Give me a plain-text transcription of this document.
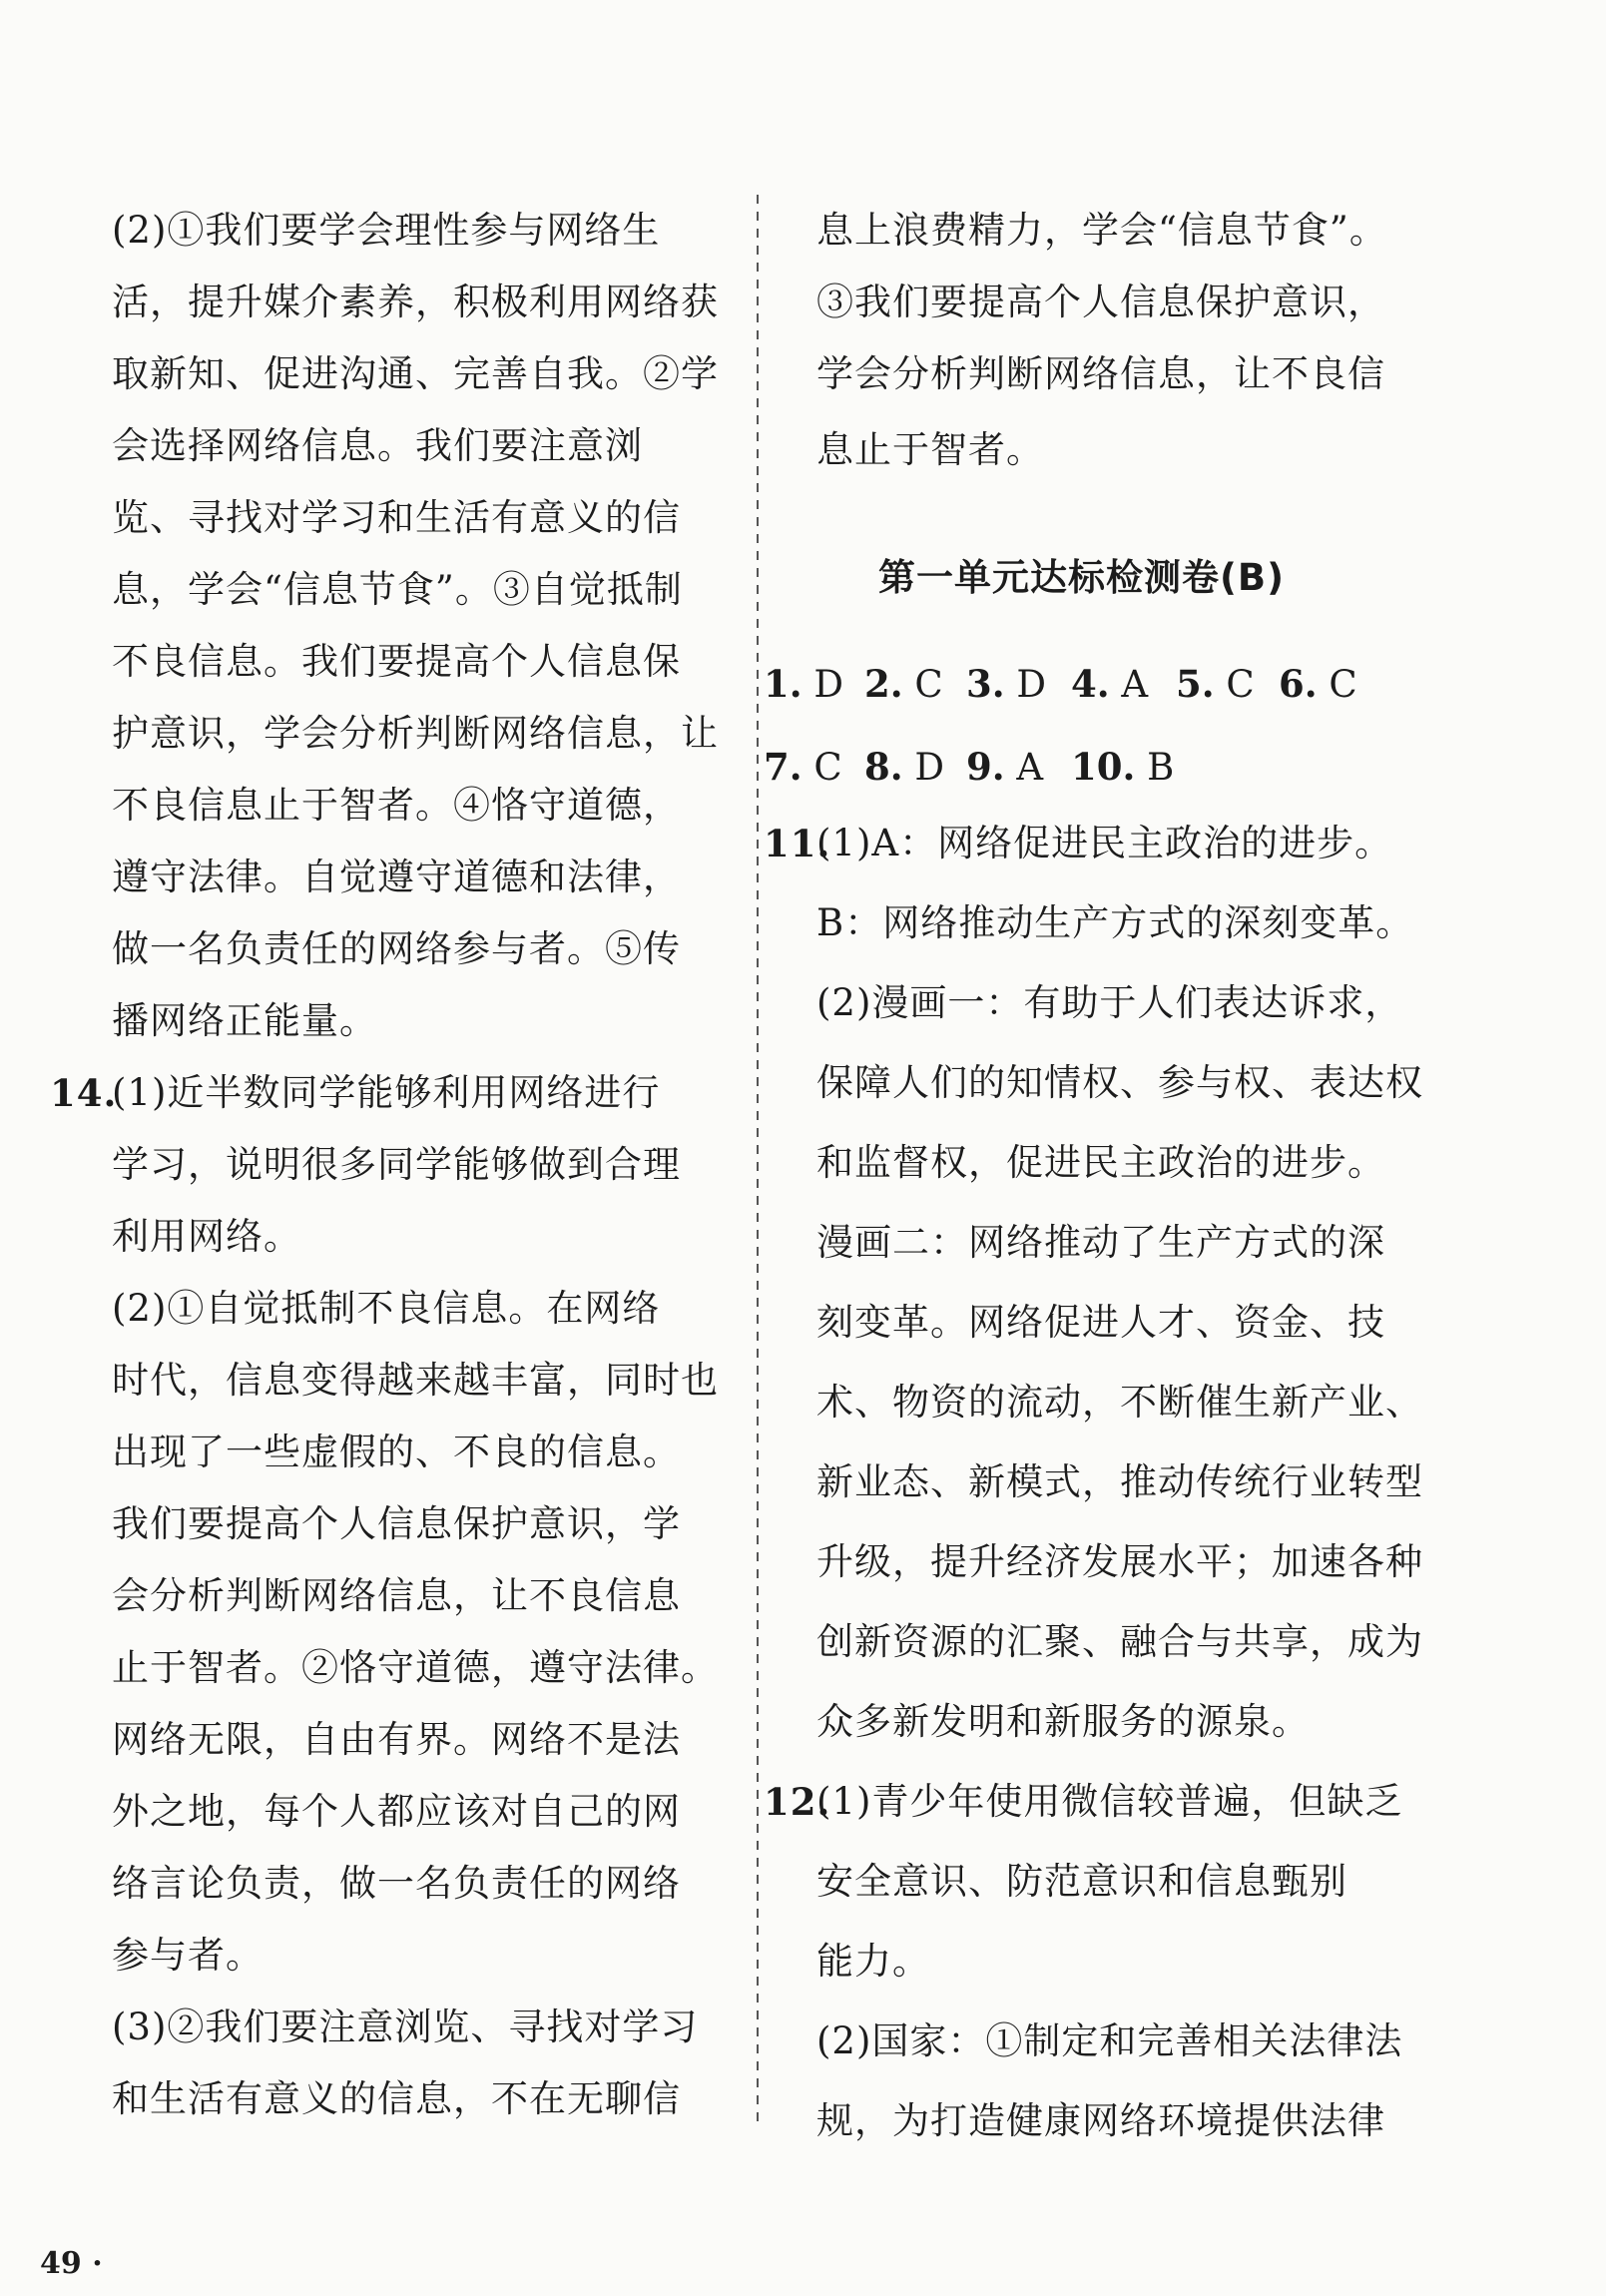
(2)①我们要学会理性参与网络生
活，提升媒介素养，积极利用网络获
取新知、促进沟通、完善自我。②学
会选择网络信息。我们要注意浏
览、寻找对学习和生活有意义的信
息，学会“信息节食”。③自觉抵制
不良信息。我们要提高个人信息保
护意识，学会分析判断网络信息，让
不良信息止于智者。④恪守道德，
遵守法律。自觉遵守道德和法律，
做一名负责任的网络参与者。⑤传
播网络正能量。
14.
(1)近半数同学能够利用网络进行
学习，说明很多同学能够做到合理
利用网络。
(2)①自觉抵制不良信息。在网络
时代，信息变得越来越丰富，同时也
出现了一些虚假的、不良的信息。
我们要提高个人信息保护意识，学
会分析判断网络信息，让不良信息
止于智者。②恪守道德，遵守法律。
网络无限，自由有界。网络不是法
外之地，每个人都应该对自己的网
络言论负责，做一名负责任的网络
参与者。
(3)②我们要注意浏览、寻找对学习
和生活有意义的信息，不在无聊信
息上浪费精力，学会“信息节食”。
③我们要提高个人信息保护意识，
学会分析判断网络信息，让不良信
息止于智者。
第一单元达标检测卷(B)
1. D 2. C 3. D 4. A 5. C 6. C
7. C 8. D 9. A 10. B
11.
(1)A：网络促进民主政治的进步。
B：网络推动生产方式的深刻变革。
(2)漫画一：有助于人们表达诉求，
保障人们的知情权、参与权、表达权
和监督权，促进民主政治的进步。
漫画二：网络推动了生产方式的深
刻变革。网络促进人才、资金、技
术、物资的流动，不断催生新产业、
新业态、新模式，推动传统行业转型
升级，提升经济发展水平；加速各种
创新资源的汇聚、融合与共享，成为
众多新发明和新服务的源泉。
12.
(1)青少年使用微信较普遍，但缺乏
安全意识、防范意识和信息甄别
能力。
(2)国家：①制定和完善相关法律法
规，为打造健康网络环境提供法律
49 ·
